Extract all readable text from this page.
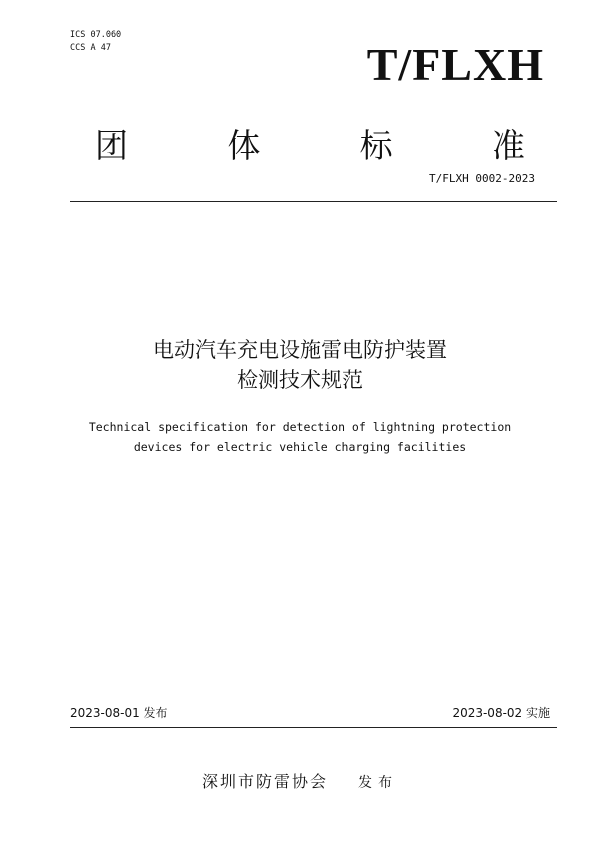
ICS 07.060
CCS A 47	T/FLXH
团	体	标	准
T/FLXH 0002-2023
电动汽车充电设施雷电防护装置
检测技术规范
Technical specification for detection of lightning protection
devices for electric vehicle charging facilities
2023-08-01 发布	2023-08-02 实施
深圳市防雷协会 发布
